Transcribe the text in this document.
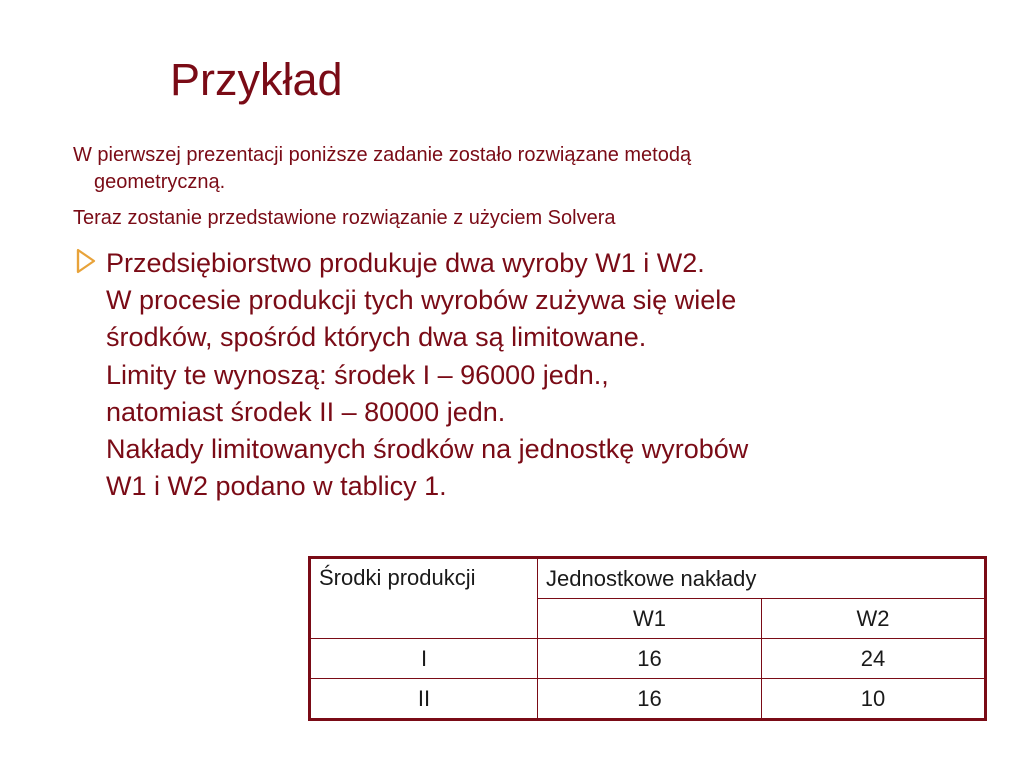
Przykład
W pierwszej prezentacji poniższe zadanie zostało rozwiązane metodą
geometryczną.
Teraz zostanie przedstawione rozwiązanie z użyciem Solvera
Przedsiębiorstwo produkuje dwa wyroby W1 i W2.
W procesie produkcji tych wyrobów zużywa się wiele
środków, spośród których dwa są limitowane.
Limity te wynoszą: środek I – 96000 jedn.,
natomiast środek II – 80000 jedn.
Nakłady limitowanych środków na jednostkę wyrobów
W1 i W2 podano w tablicy 1.
Środki produkcji	Jednostkowe nakłady	
	W1	W2
I	16	24
II	16	10
